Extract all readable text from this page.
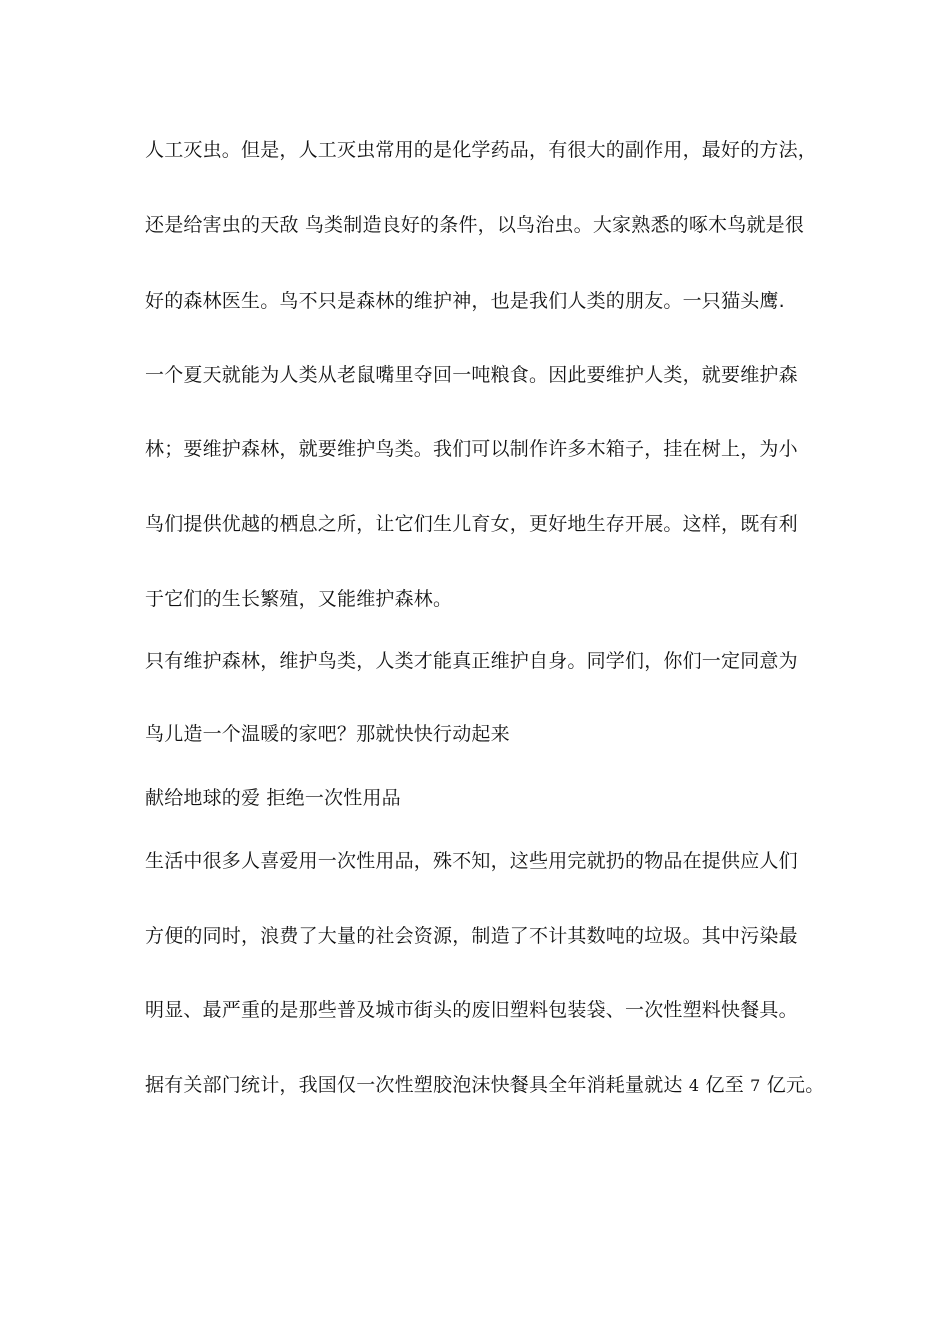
人工灭虫。但是，人工灭虫常用的是化学药品，有很大的副作用，最好的方法，
还是给害虫的天敌 鸟类制造良好的条件，以鸟治虫。大家熟悉的啄木鸟就是很
好的森林医生。鸟不只是森林的维护神，也是我们人类的朋友。一只猫头鹰.
一个夏天就能为人类从老鼠嘴里夺回一吨粮食。因此要维护人类，就要维护森
林；要维护森林，就要维护鸟类。我们可以制作许多木箱子，挂在树上，为小
鸟们提供优越的栖息之所，让它们生儿育女，更好地生存开展。这样，既有利
于它们的生长繁殖，又能维护森林。
只有维护森林，维护鸟类，人类才能真正维护自身。同学们，你们一定同意为
鸟儿造一个温暖的家吧？那就快快行动起来
献给地球的爱 拒绝一次性用品
生活中很多人喜爱用一次性用品，殊不知，这些用完就扔的物品在提供应人们
方便的同时，浪费了大量的社会资源，制造了不计其数吨的垃圾。其中污染最
明显、最严重的是那些普及城市街头的废旧塑料包装袋、一次性塑料快餐具。
据有关部门统计，我国仅一次性塑胶泡沫快餐具全年消耗量就达 4 亿至 7 亿元。
